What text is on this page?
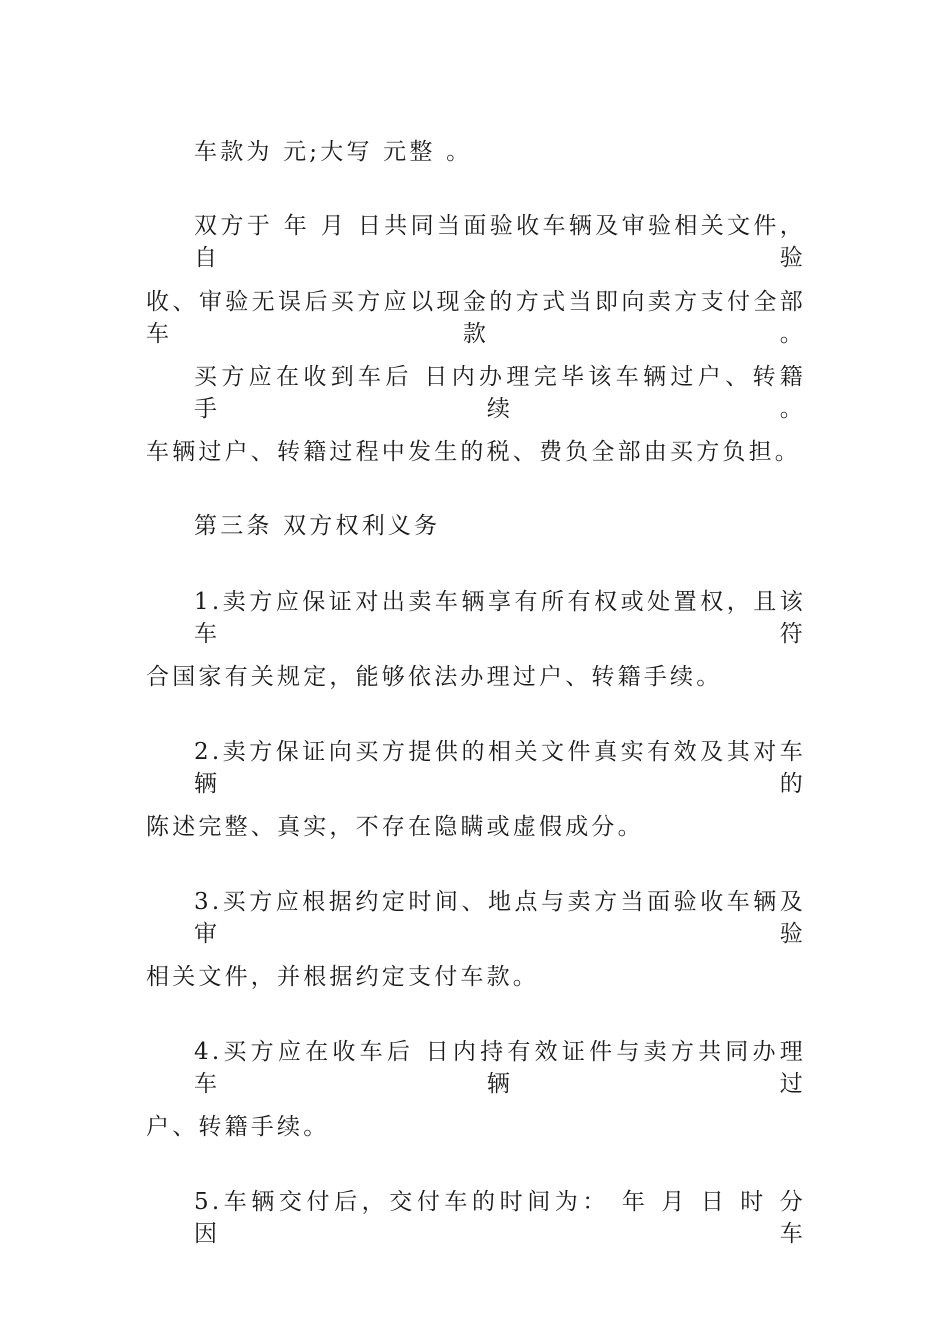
车款为 元;大写 元整 。
双方于 年 月 日共同当面验收车辆及审验相关文件，自验
收、审验无误后买方应以现金的方式当即向卖方支付全部车款。
买方应在收到车后 日内办理完毕该车辆过户、转籍手续。
车辆过户、转籍过程中发生的税、费负全部由买方负担。
第三条 双方权利义务
1.卖方应保证对出卖车辆享有所有权或处置权，且该车符
合国家有关规定，能够依法办理过户、转籍手续。
2.卖方保证向买方提供的相关文件真实有效及其对车辆的
陈述完整、真实，不存在隐瞒或虚假成分。
3.买方应根据约定时间、地点与卖方当面验收车辆及审验
相关文件，并根据约定支付车款。
4.买方应在收车后 日内持有效证件与卖方共同办理车辆过
户、转籍手续。
5.车辆交付后，交付车的时间为： 年 月 日 时 分 因车
